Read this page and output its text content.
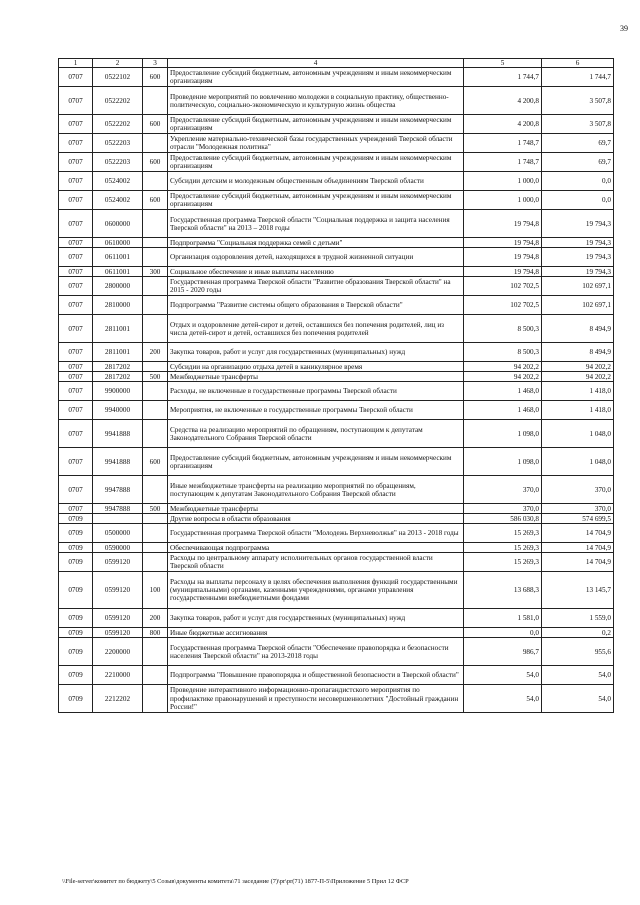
39
1	2	3	4	5	6
0707	0522102	600	Предоставление субсидий бюджетным, автономным учреждениям и иным некоммерческим организациям	1 744,7	1 744,7
0707	0522202		Проведение мероприятий по вовлечению молодежи в социальную практику, общественно-политическую, социально-экономическую и культурную жизнь общества	4 200,8	3 507,8
0707	0522202	600	Предоставление субсидий бюджетным, автономным учреждениям и иным некоммерческим организациям	4 200,8	3 507,8
0707	0522203		Укрепление материально-технической базы государственных учреждений Тверской области отрасли "Молодежная политика"	1 748,7	69,7
0707	0522203	600	Предоставление субсидий бюджетным, автономным учреждениям и иным некоммерческим организациям	1 748,7	69,7
0707	0524002		Субсидии детским и молодежным общественным объединениям Тверской области	1 000,0	0,0
0707	0524002	600	Предоставление субсидий бюджетным, автономным учреждениям и иным некоммерческим организациям	1 000,0	0,0
0707	0600000		Государственная программа Тверской области "Социальная поддержка и защита населения Тверской области" на 2013 – 2018 годы	19 794,8	19 794,3
0707	0610000		Подпрограмма "Социальная поддержка семей с детьми"	19 794,8	19 794,3
0707	0611001		Организация оздоровления детей, находящихся в трудной жизненной ситуации	19 794,8	19 794,3
0707	0611001	300	Социальное обеспечение и иные выплаты населению	19 794,8	19 794,3
0707	2800000		Государственная программа Тверской области "Развитие образования Тверской области" на 2015 - 2020 годы	102 702,5	102 697,1
0707	2810000		Подпрограмма "Развитие системы общего образования в Тверской области"	102 702,5	102 697,1
0707	2811001		Отдых и оздоровление детей-сирот и детей, оставшихся без попечения родителей, лиц из числа детей-сирот и детей, оставшихся без попечения родителей	8 500,3	8 494,9
0707	2811001	200	Закупка товаров, работ и услуг для государственных (муниципальных) нужд	8 500,3	8 494,9
0707	2817202		Субсидии на организацию отдыха детей в каникулярное время	94 202,2	94 202,2
0707	2817202	500	Межбюджетные трансферты	94 202,2	94 202,2
0707	9900000		Расходы, не включенные в государственные программы Тверской области	1 468,0	1 418,0
0707	9940000		Мероприятия, не включенные в государственные программы Тверской области	1 468,0	1 418,0
0707	9941888		Средства на реализацию мероприятий по обращениям, поступающим к депутатам Законодательного Собрания Тверской области	1 098,0	1 048,0
0707	9941888	600	Предоставление субсидий бюджетным, автономным учреждениям и иным некоммерческим организациям	1 098,0	1 048,0
0707	9947888		Иные межбюджетные трансферты на реализацию мероприятий по обращениям, поступающим к депутатам Законодательного Собрания Тверской области	370,0	370,0
0707	9947888	500	Межбюджетные трансферты	370,0	370,0
0709			Другие вопросы в области образования	586 030,8	574 699,5
0709	0500000		Государственная программа Тверской области "Молодежь Верхневолжья" на 2013 - 2018 годы	15 269,3	14 704,9
0709	0590000		Обеспечивающая подпрограмма	15 269,3	14 704,9
0709	0599120		Расходы по центральному аппарату исполнительных органов государственной власти Тверской области	15 269,3	14 704,9
0709	0599120	100	Расходы на выплаты персоналу в целях обеспечения выполнения функций государственными (муниципальными) органами, казенными учреждениями, органами управления государственными внебюджетными фондами	13 688,3	13 145,7
0709	0599120	200	Закупка товаров, работ и услуг для государственных (муниципальных) нужд	1 581,0	1 559,0
0709	0599120	800	Иные бюджетные ассигнования	0,0	0,2
0709	2200000		Государственная программа Тверской области "Обеспечение правопорядка и безопасности населения Тверской области" на 2013-2018 годы	986,7	955,6
0709	2210000		Подпрограмма "Повышение правопорядка и общественной безопасности в Тверской области"	54,0	54,0
0709	2212202		Проведение интерактивного информационно-пропагандистского мероприятия по профилактике правонарушений и преступности несовершеннолетних "Достойный гражданин России!"	54,0	54,0
\\File-server\комитет по бюджету\5 Созыв\документы комитета\71 заседание (7)\pr\pr(71) 1877-П-5\Приложение 5 Прил 12 ФСР
